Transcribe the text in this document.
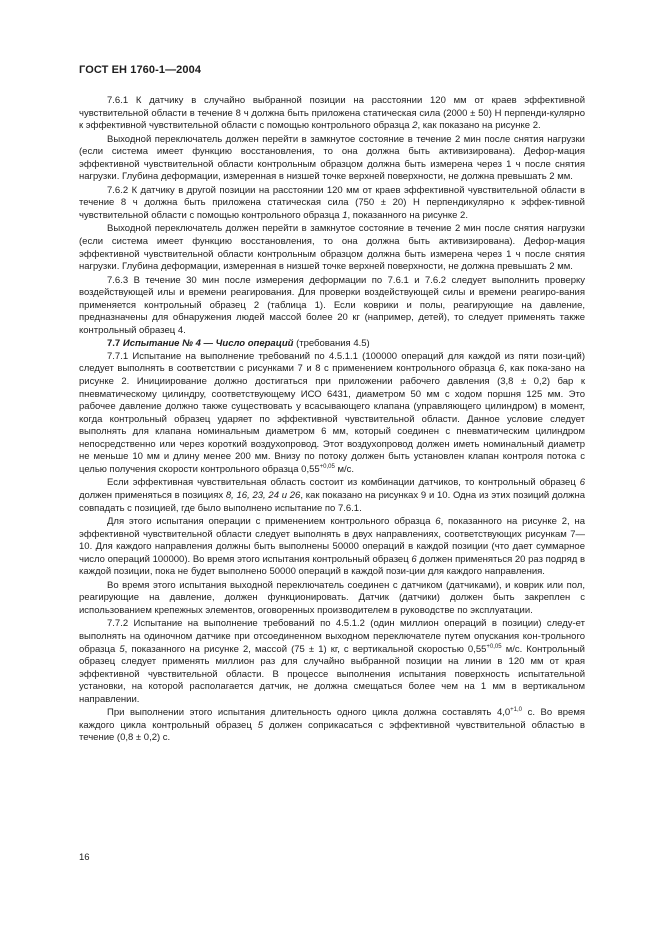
ГОСТ ЕН 1760-1—2004

7.6.1 К датчику в случайно выбранной позиции на расстоянии 120 мм от краев эффективной чувствительной области в течение 8 ч должна быть приложена статическая сила (2000 ± 50) Н перпенди-кулярно к эффективной чувствительной области с помощью контрольного образца 2, как показано на рисунке 2.

Выходной переключатель должен перейти в замкнутое состояние в течение 2 мин после снятия нагрузки (если система имеет функцию восстановления, то она должна быть активизирована). Дефор-мация эффективной чувствительной области контрольным образцом должна быть измерена через 1 ч после снятия нагрузки. Глубина деформации, измеренная в низшей точке верхней поверхности, не должна превышать 2 мм.

7.6.2 К датчику в другой позиции на расстоянии 120 мм от краев эффективной чувствительной области в течение 8 ч должна быть приложена статическая сила (750 ± 20) Н перпендикулярно к эффек-тивной чувствительной области с помощью контрольного образца 1, показанного на рисунке 2.

Выходной переключатель должен перейти в замкнутое состояние в течение 2 мин после снятия нагрузки (если система имеет функцию восстановления, то она должна быть активизирована). Дефор-мация эффективной чувствительной области контрольным образцом должна быть измерена через 1 ч после снятия нагрузки. Глубина деформации, измеренная в низшей точке верхней поверхности, не должна превышать 2 мм.

7.6.3 В течение 30 мин после измерения деформации по 7.6.1 и 7.6.2 следует выполнить проверку воздействующей илы и времени реагирования. Для проверки воздействующей силы и времени реагиро-вания применяется контрольный образец 2 (таблица 1). Если коврики и полы, реагирующие на давление, предназначены для обнаружения людей массой более 20 кг (например, детей), то следует применять также контрольный образец 4.

7.7 Испытание № 4 — Число операций (требования 4.5)

7.7.1 Испытание на выполнение требований по 4.5.1.1 (100000 операций для каждой из пяти пози-ций) следует выполнять в соответствии с рисунками 7 и 8 с применением контрольного образца 6, как пока-зано на рисунке 2. Инициирование должно достигаться при приложении рабочего давления (3,8 ± 0,2) бар к пневматическому цилиндру, соответствующему ИСО 6431, диаметром 50 мм с ходом поршня 125 мм. Это рабочее давление должно также существовать у всасывающего клапана (управляющего цилиндром) в момент, когда контрольный образец ударяет по эффективной чувствительной области. Данное условие следует выполнять для клапана номинальным диаметром 6 мм, который соединен с пневматическим цилиндром непосредственно или через короткий воздухопровод. Этот воздухопровод должен иметь номинальный диаметр не меньше 10 мм и длину менее 200 мм. Внизу по потоку должен быть установлен клапан контроля потока с целью получения скорости контрольного образца $0,55^{+0,05}$ м/с.

Если эффективная чувствительная область состоит из комбинации датчиков, то контрольный образец 6 должен применяться в позициях 8, 16, 23, 24 и 26, как показано на рисунках 9 и 10. Одна из этих позиций должна совпадать с позицией, где было выполнено испытание по 7.6.1.

Для этого испытания операции с применением контрольного образца 6, показанного на рисунке 2, на эффективной чувствительной области следует выполнять в двух направлениях, соответствующих рисункам 7—10. Для каждого направления должны быть выполнены 50000 операций в каждой позиции (что дает суммарное число операций 100000). Во время этого испытания контрольный образец 6 должен применяться 20 раз подряд в каждой позиции, пока не будет выполнено 50000 операций в каждой пози-ции для каждого направления.

Во время этого испытания выходной переключатель соединен с датчиком (датчиками), и коврик или пол, реагирующие на давление, должен функционировать. Датчик (датчики) должен быть закреплен с использованием крепежных элементов, оговоренных производителем в руководстве по эксплуатации.

7.7.2 Испытание на выполнение требований по 4.5.1.2 (один миллион операций в позиции) следу-ет выполнять на одиночном датчике при отсоединенном выходном переключателе путем опускания кон-трольного образца 5, показанного на рисунке 2, массой (75 ± 1) кг, с вертикальной скоростью $0,55^{+0,05}$ м/с. Контрольный образец следует применять миллион раз для случайно выбранной позиции на линии в 120 мм от края эффективной чувствительной области. В процессе выполнения испытания поверхность испытательной установки, на которой располагается датчик, не должна смещаться более чем на 1 мм в вертикальном направлении.

При выполнении этого испытания длительность одного цикла должна составлять $4,0^{+1,0}$ с. Во время каждого цикла контрольный образец 5 должен соприкасаться с эффективной чувствительной областью в течение (0,8 ± 0,2) с.

16
